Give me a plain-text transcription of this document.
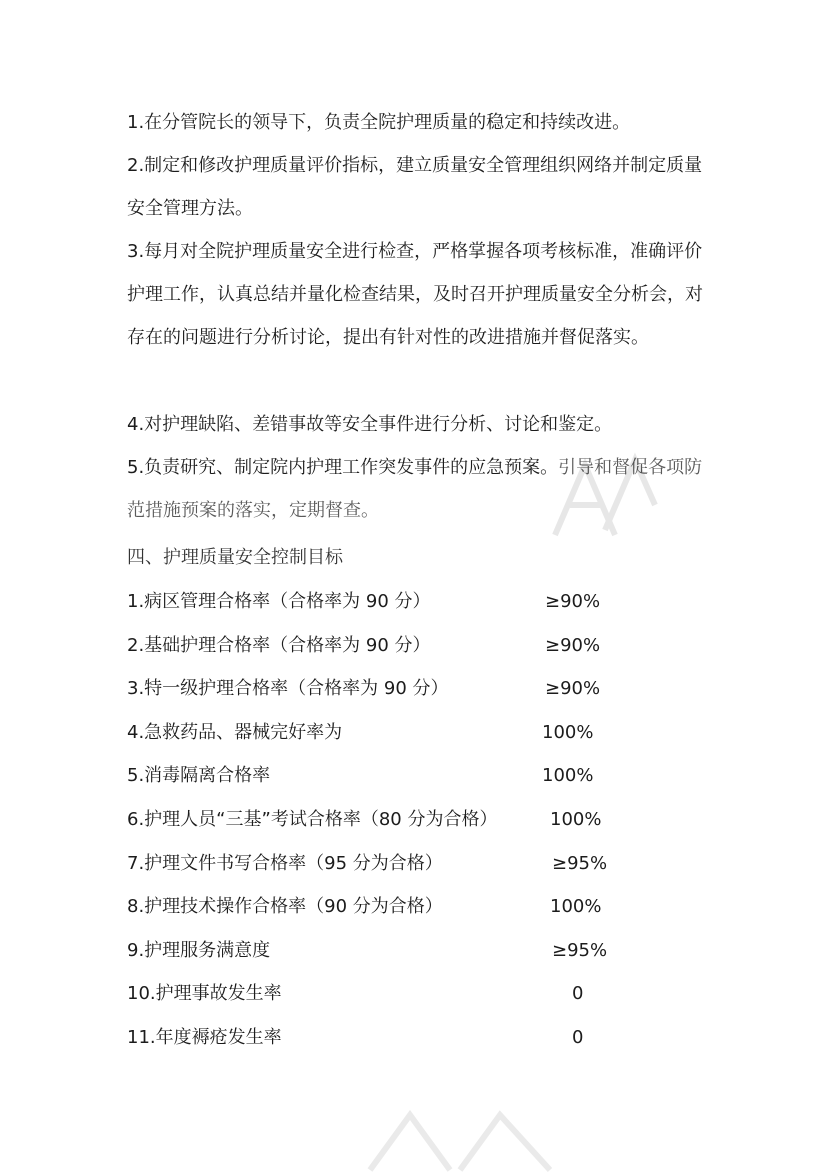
1.在分管院长的领导下，负责全院护理质量的稳定和持续改进。

2.制定和修改护理质量评价指标，建立质量安全管理组织网络并制定质量安全管理方法。

3.每月对全院护理质量安全进行检查，严格掌握各项考核标准，准确评价护理工作，认真总结并量化检查结果，及时召开护理质量安全分析会，对存在的问题进行分析讨论，提出有针对性的改进措施并督促落实。

4.对护理缺陷、差错事故等安全事件进行分析、讨论和鉴定。

5.负责研究、制定院内护理工作突发事件的应急预案。引导和督促各项防范措施预案的落实，定期督查。

四、护理质量安全控制目标

1.病区管理合格率（合格率为 90 分）	≥90%
2.基础护理合格率（合格率为 90 分）	≥90%
3.特一级护理合格率（合格率为 90 分）	≥90%
4.急救药品、器械完好率为	100%
5.消毒隔离合格率	100%
6.护理人员“三基”考试合格率（80 分为合格）	100%
7.护理文件书写合格率（95 分为合格）	≥95%
8.护理技术操作合格率（90 分为合格）	100%
9.护理服务满意度	≥95%
10.护理事故发生率	0
11.年度褥疮发生率	0
